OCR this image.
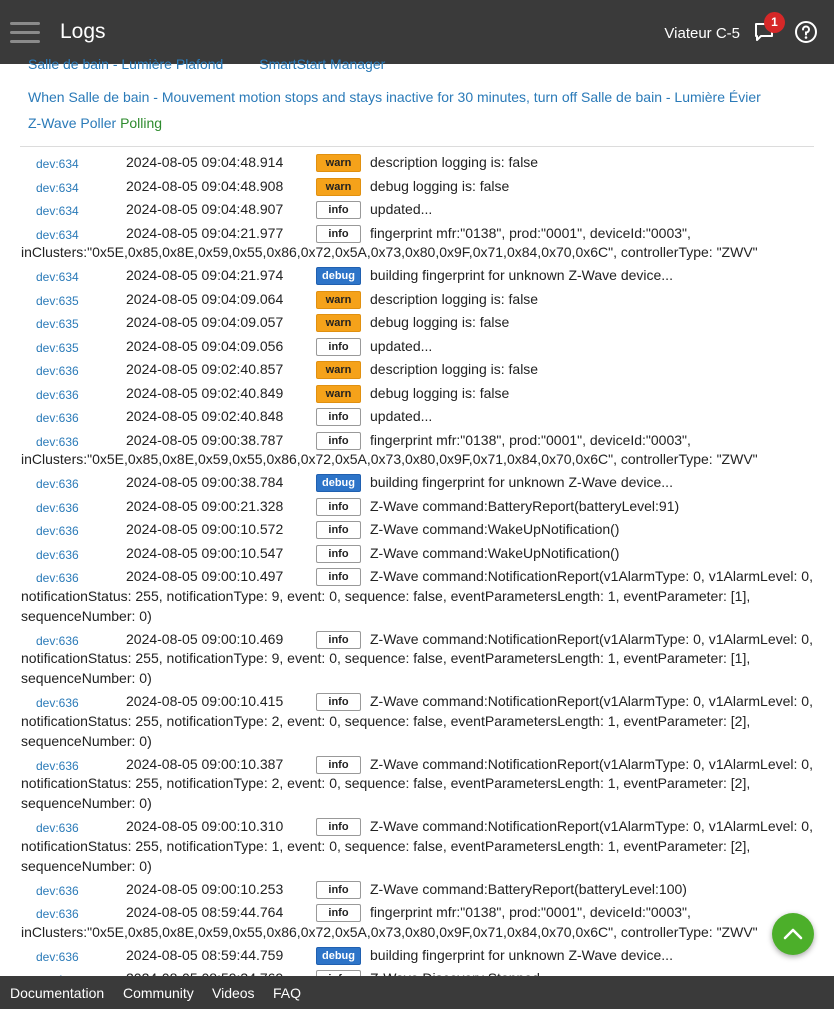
Logs	Viateur C-5
1
Salle de bain - Lumière Plafond	SmartStart Manager
When Salle de bain - Mouvement motion stops and stays inactive for 30 minutes, turn off Salle de bain - Lumière Évier
Z-Wave Poller Polling
dev:634	2024-08-05 09:04:48.914	warn	description logging is: false
dev:634	2024-08-05 09:04:48.908	warn	debug logging is: false
dev:634	2024-08-05 09:04:48.907	info	updated...
dev:634	2024-08-05 09:04:21.977	info	fingerprint mfr:"0138", prod:"0001", deviceId:"0003",
inClusters:"0x5E,0x85,0x8E,0x59,0x55,0x86,0x72,0x5A,0x73,0x80,0x9F,0x71,0x84,0x70,0x6C", controllerType: "ZWV"
dev:634	2024-08-05 09:04:21.974	debug	building fingerprint for unknown Z-Wave device...
dev:635	2024-08-05 09:04:09.064	warn	description logging is: false
dev:635	2024-08-05 09:04:09.057	warn	debug logging is: false
dev:635	2024-08-05 09:04:09.056	info	updated...
dev:636	2024-08-05 09:02:40.857	warn	description logging is: false
dev:636	2024-08-05 09:02:40.849	warn	debug logging is: false
dev:636	2024-08-05 09:02:40.848	info	updated...
dev:636	2024-08-05 09:00:38.787	info	fingerprint mfr:"0138", prod:"0001", deviceId:"0003",
inClusters:"0x5E,0x85,0x8E,0x59,0x55,0x86,0x72,0x5A,0x73,0x80,0x9F,0x71,0x84,0x70,0x6C", controllerType: "ZWV"
dev:636	2024-08-05 09:00:38.784	debug	building fingerprint for unknown Z-Wave device...
dev:636	2024-08-05 09:00:21.328	info	Z-Wave command:BatteryReport(batteryLevel:91)
dev:636	2024-08-05 09:00:10.572	info	Z-Wave command:WakeUpNotification()
dev:636	2024-08-05 09:00:10.547	info	Z-Wave command:WakeUpNotification()
dev:636	2024-08-05 09:00:10.497	info	Z-Wave command:NotificationReport(v1AlarmType: 0, v1AlarmLevel: 0,
notificationStatus: 255, notificationType: 9, event: 0, sequence: false, eventParametersLength: 1, eventParameter: [1], sequenceNumber: 0)
dev:636	2024-08-05 09:00:10.469	info	Z-Wave command:NotificationReport(v1AlarmType: 0, v1AlarmLevel: 0,
notificationStatus: 255, notificationType: 9, event: 0, sequence: false, eventParametersLength: 1, eventParameter: [1], sequenceNumber: 0)
dev:636	2024-08-05 09:00:10.415	info	Z-Wave command:NotificationReport(v1AlarmType: 0, v1AlarmLevel: 0,
notificationStatus: 255, notificationType: 2, event: 0, sequence: false, eventParametersLength: 1, eventParameter: [2], sequenceNumber: 0)
dev:636	2024-08-05 09:00:10.387	info	Z-Wave command:NotificationReport(v1AlarmType: 0, v1AlarmLevel: 0,
notificationStatus: 255, notificationType: 2, event: 0, sequence: false, eventParametersLength: 1, eventParameter: [2], sequenceNumber: 0)
dev:636	2024-08-05 09:00:10.310	info	Z-Wave command:NotificationReport(v1AlarmType: 0, v1AlarmLevel: 0,
notificationStatus: 255, notificationType: 1, event: 0, sequence: false, eventParametersLength: 1, eventParameter: [2], sequenceNumber: 0)
dev:636	2024-08-05 09:00:10.253	info	Z-Wave command:BatteryReport(batteryLevel:100)
dev:636	2024-08-05 08:59:44.764	info	fingerprint mfr:"0138", prod:"0001", deviceId:"0003",
inClusters:"0x5E,0x85,0x8E,0x59,0x55,0x86,0x72,0x5A,0x73,0x80,0x9F,0x71,0x84,0x70,0x6C", controllerType: "ZWV"
dev:636	2024-08-05 08:59:44.759	debug	building fingerprint for unknown Z-Wave device...
Documentation Community Videos FAQ
